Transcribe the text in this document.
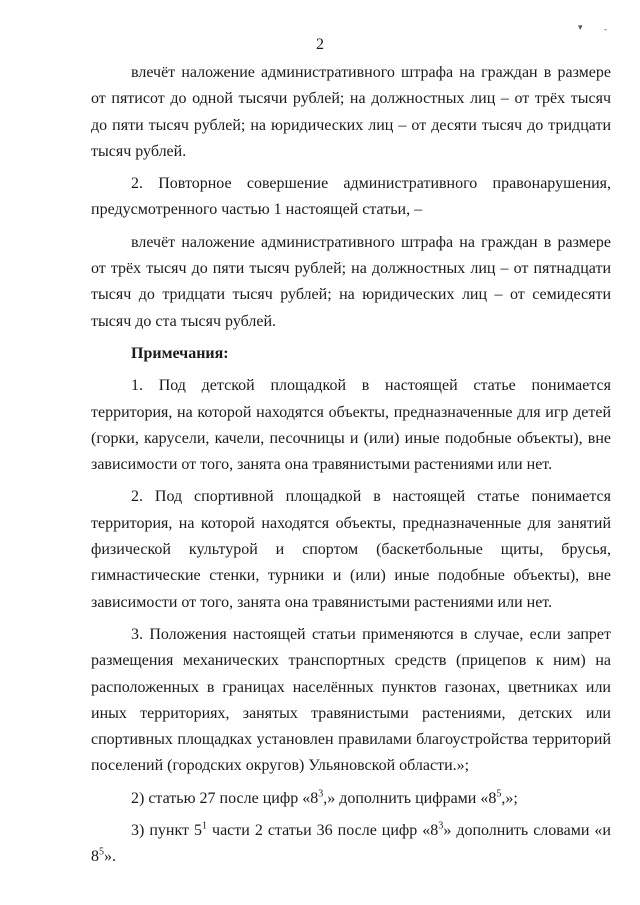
2
▾ -

влечёт наложение административного штрафа на граждан в размере от пятисот до одной тысячи рублей; на должностных лиц – от трёх тысяч до пяти тысяч рублей; на юридических лиц – от десяти тысяч до тридцати тысяч рублей.

2. Повторное совершение административного правонарушения, предусмотренного частью 1 настоящей статьи, –

влечёт наложение административного штрафа на граждан в размере от трёх тысяч до пяти тысяч рублей; на должностных лиц – от пятнадцати тысяч до тридцати тысяч рублей; на юридических лиц – от семидесяти тысяч до ста тысяч рублей.

Примечания:

1. Под детской площадкой в настоящей статье понимается территория, на которой находятся объекты, предназначенные для игр детей (горки, карусели, качели, песочницы и (или) иные подобные объекты), вне зависимости от того, занята она травянистыми растениями или нет.

2. Под спортивной площадкой в настоящей статье понимается территория, на которой находятся объекты, предназначенные для занятий физической культурой и спортом (баскетбольные щиты, брусья, гимнастические стенки, турники и (или) иные подобные объекты), вне зависимости от того, занята она травянистыми растениями или нет.

3. Положения настоящей статьи применяются в случае, если запрет размещения механических транспортных средств (прицепов к ним) на расположенных в границах населённых пунктов газонах, цветниках или иных территориях, занятых травянистыми растениями, детских или спортивных площадках установлен правилами благоустройства территорий поселений (городских округов) Ульяновской области.»;

2) статью 27 после цифр «$8^3$,» дополнить цифрами «$8^5$,»;

3) пункт $5^1$ части 2 статьи 36 после цифр «$8^3$» дополнить словами «и $8^5$».
